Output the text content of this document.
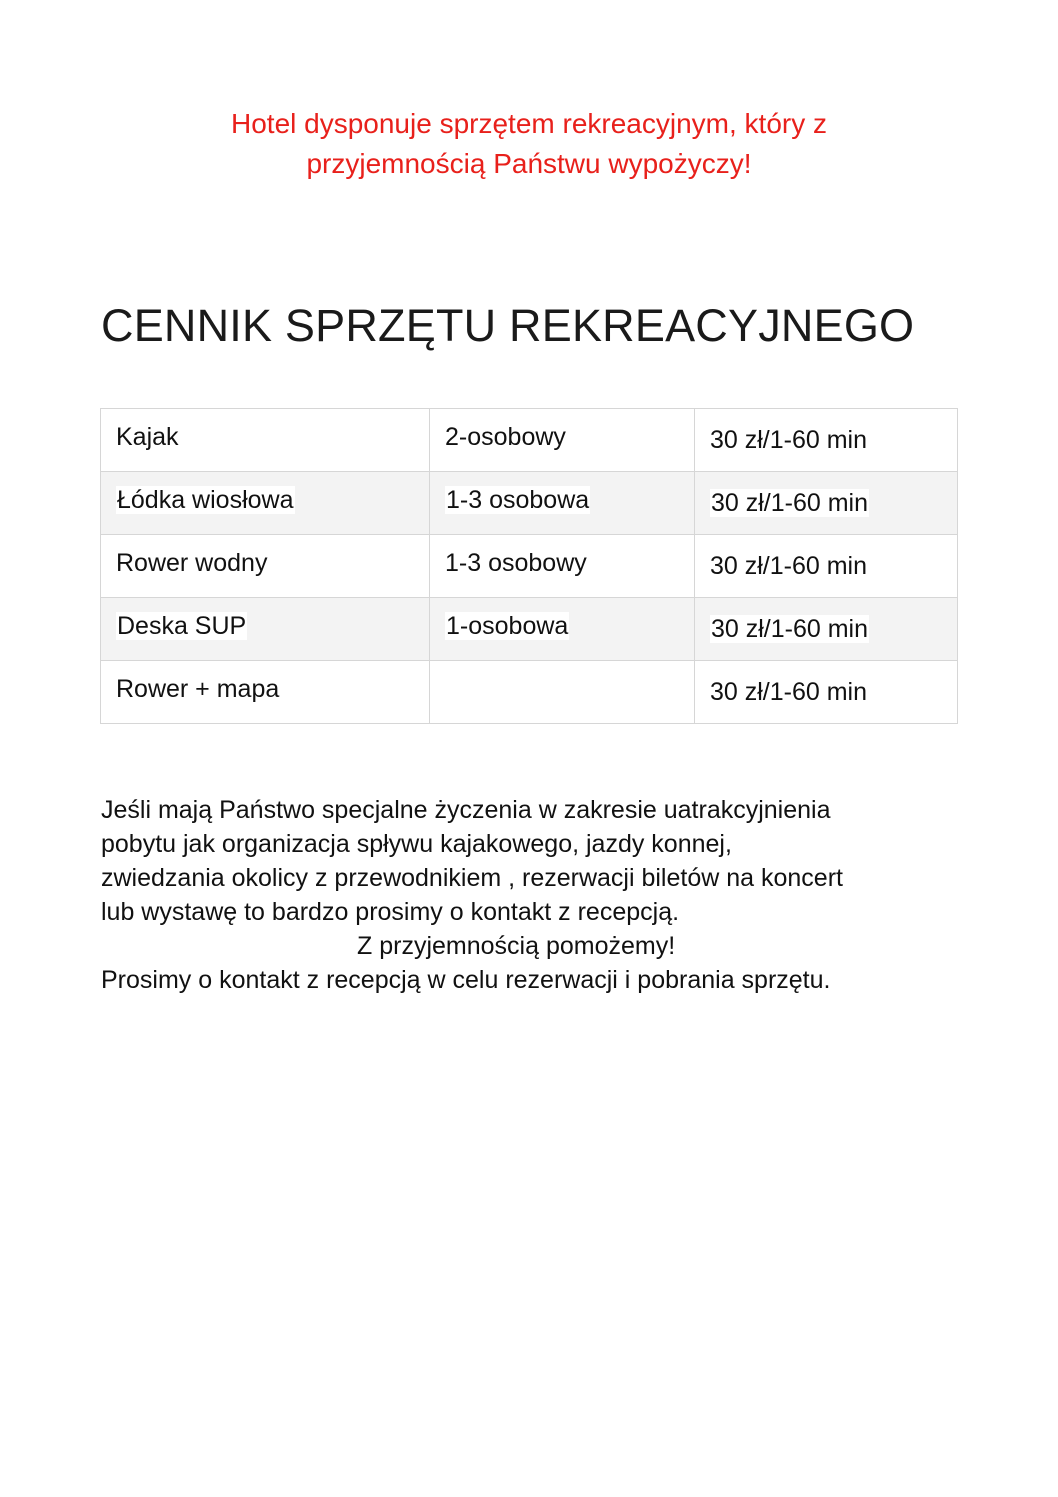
Hotel dysponuje sprzętem rekreacyjnym, który z
przyjemnością Państwu wypożyczy!
CENNIK SPRZĘTU REKREACYJNEGO
Kajak	2-osobowy	30 zł/1-60 min
Łódka wiosłowa	1-3 osobowa	30 zł/1-60 min
Rower wodny	1-3 osobowy	30 zł/1-60 min
Deska SUP	1-osobowa	30 zł/1-60 min
Rower + mapa		30 zł/1-60 min
Jeśli mają Państwo specjalne życzenia w zakresie uatrakcyjnienia
pobytu jak organizacja spływu kajakowego, jazdy konnej,
zwiedzania okolicy z przewodnikiem , rezerwacji biletów na koncert
lub wystawę to bardzo prosimy o kontakt z recepcją.
Z przyjemnością pomożemy!
Prosimy o kontakt z recepcją w celu rezerwacji i pobrania sprzętu.
